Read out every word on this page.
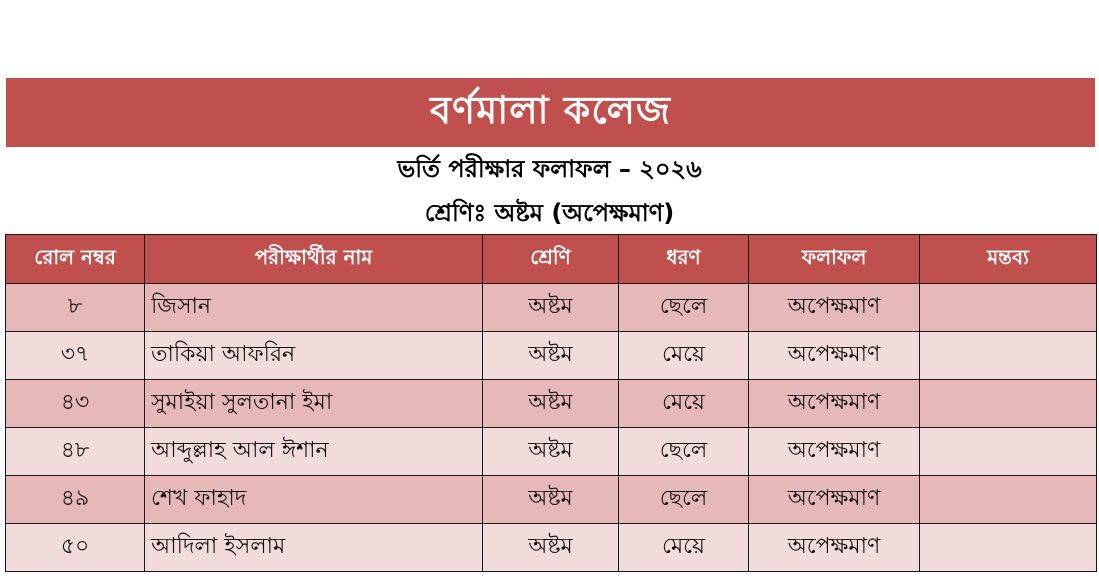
বর্ণমালা কলেজ
ভর্তি পরীক্ষার ফলাফল – ২০২৬
শ্রেণিঃ অষ্টম (অপেক্ষমাণ)
রোল নম্বর	পরীক্ষার্থীর নাম	শ্রেণি	ধরণ	ফলাফল	মন্তব্য
৮	জিসান	অষ্টম	ছেলে	অপেক্ষমাণ	
৩৭	তাকিয়া আফরিন	অষ্টম	মেয়ে	অপেক্ষমাণ	
৪৩	সুমাইয়া সুলতানা ইমা	অষ্টম	মেয়ে	অপেক্ষমাণ	
৪৮	আব্দুল্লাহ আল ঈশান	অষ্টম	ছেলে	অপেক্ষমাণ	
৪৯	শেখ ফাহাদ	অষ্টম	ছেলে	অপেক্ষমাণ	
৫০	আদিলা ইসলাম	অষ্টম	মেয়ে	অপেক্ষমাণ	
